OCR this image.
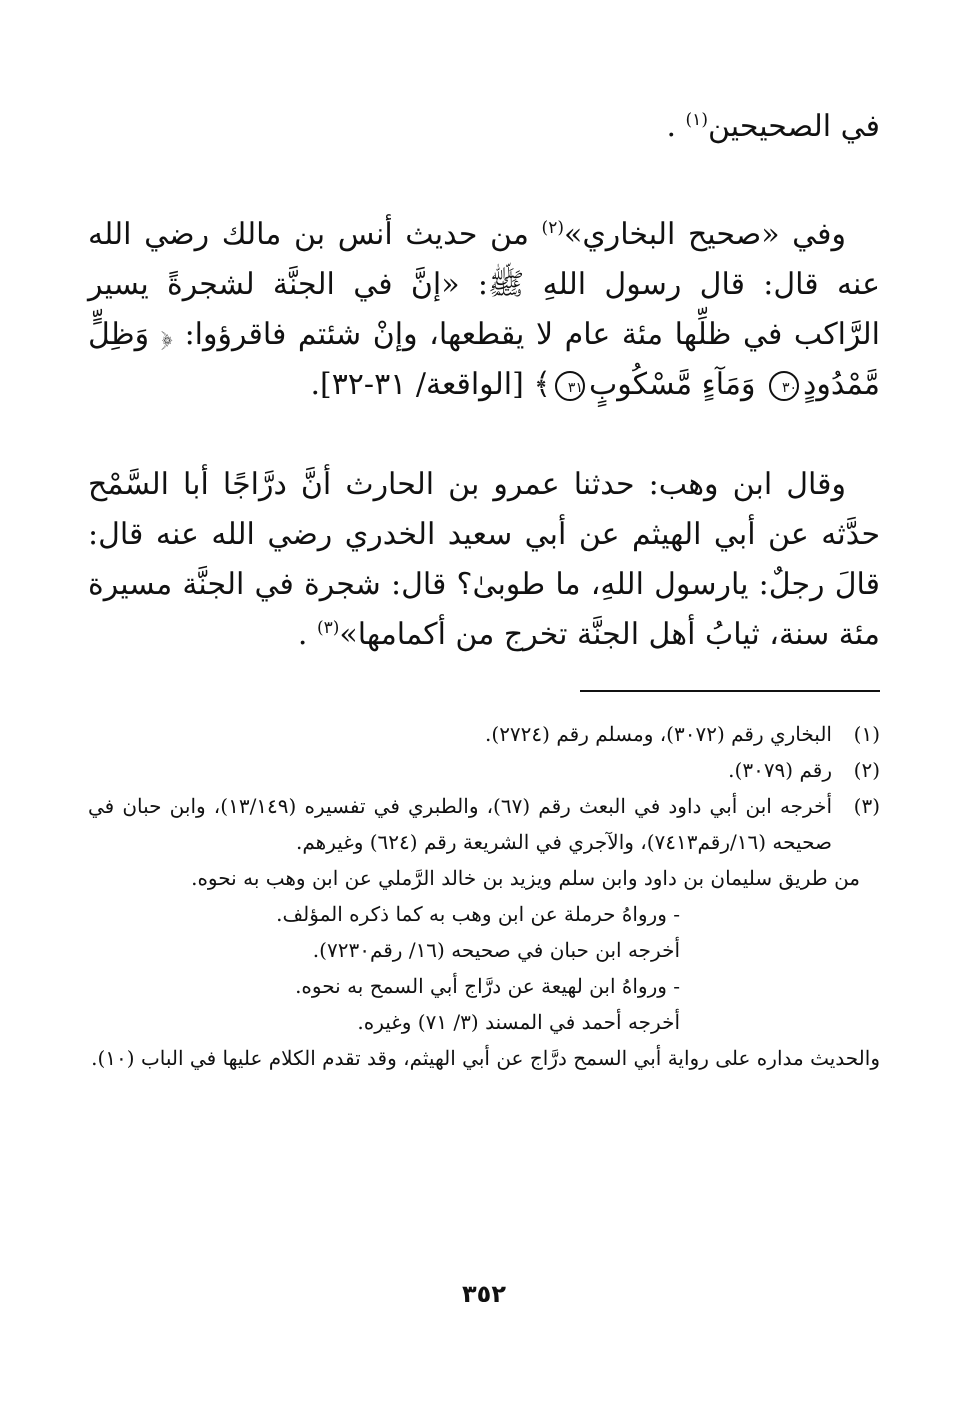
في الصحيحين$^{(١)}$ .
وفي «صحيح البخاري»$^{(٢)}$ من حديث أنس بن مالك رضي الله عنه قال: قال رسول اللهِ ﷺ: «إنَّ في الجنَّة لشجرةً يسير الرَّاكب في ظلِّها مئة عام لا يقطعها، وإنْ شئتم فاقرؤوا: ﴿ وَظِلٍّ مَّمْدُودٍ٣٠ وَمَآءٍ مَّسْكُوبٍ٣١﴾ [الواقعة/ ٣١-٣٢].
وقال ابن وهب: حدثنا عمرو بن الحارث أنَّ درَّاجًا أبا السَّمْح حدَّثه عن أبي الهيثم عن أبي سعيد الخدري رضي الله عنه قال: قالَ رجلٌ: يارسول اللهِ، ما طوبىٰ؟ قال: شجرة في الجنَّة مسيرة مئة سنة، ثيابُ أهل الجنَّة تخرج من أكمامها»$^{(٣)}$ .
(١)
البخاري رقم (٣٠٧٢)، ومسلم رقم (٢٧٢٤).
(٢)
رقم (٣٠٧٩).
(٣)
أخرجه ابن أبي داود في البعث رقم (٦٧)، والطبري في تفسيره (١٣/١٤٩)، وابن حبان في صحيحه (١٦/رقم٧٤١٣)، والآجري في الشريعة رقم (٦٢٤) وغيرهم.
من طريق سليمان بن داود وابن سلم ويزيد بن خالد الرَّملي عن ابن وهب به نحوه.
- ورواهُ حرملة عن ابن وهب به كما ذكره المؤلف.
أخرجه ابن حبان في صحيحه (١٦/ رقم٧٢٣٠).
- ورواهُ ابن لهيعة عن درَّاج أبي السمح به نحوه.
أخرجه أحمد في المسند (٣/ ٧١) وغيره.
والحديث مداره على رواية أبي السمح درَّاج عن أبي الهيثم، وقد تقدم الكلام عليها في الباب (١٠).
٣٥٢
